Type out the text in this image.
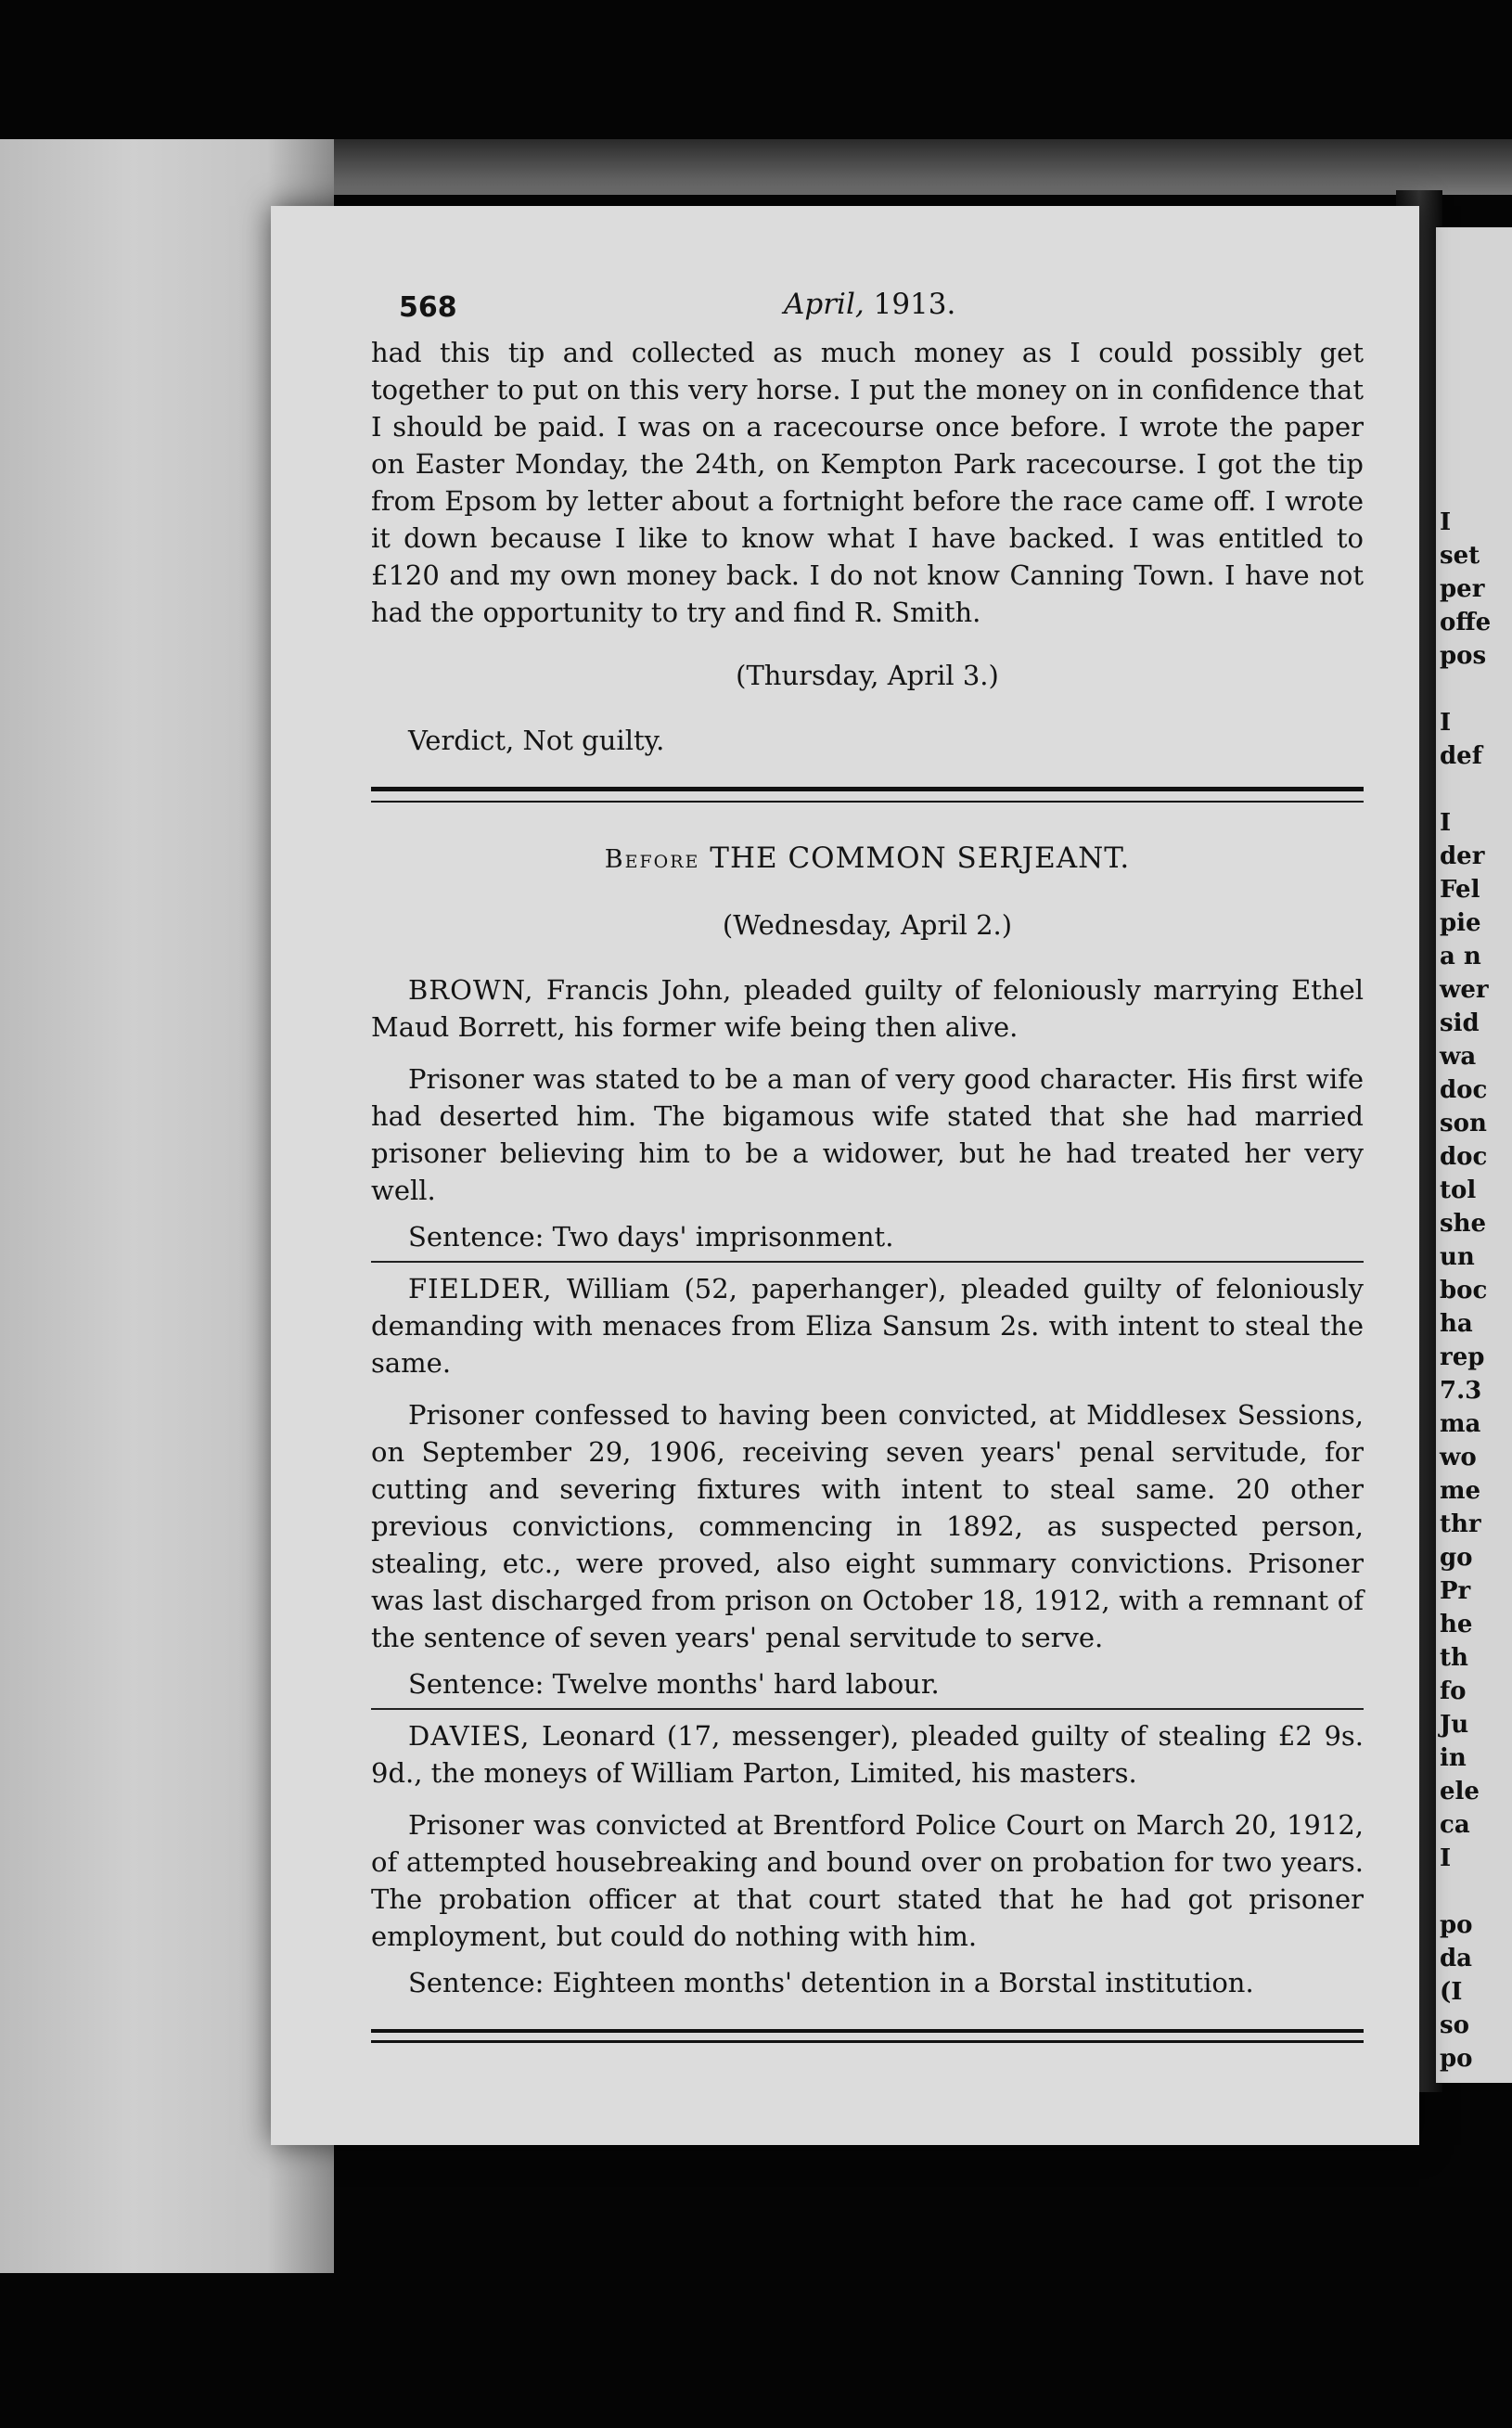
I
set
per
offe
pos

I
def

I
der
Fel
pie
a n
wer
sid
wa
doc
son
doc
tol
she
un
boc
ha
rep
7.3
ma
wo
me
thr
go
Pr
he
th
fo
Ju
in
ele
ca
I

po
da
(I
so
po
568	April, 1913.

had this tip and collected as much money as I could possibly get together to put on this very horse. I put the money on in confidence that I should be paid. I was on a racecourse once before. I wrote the paper on Easter Monday, the 24th, on Kempton Park racecourse. I got the tip from Epsom by letter about a fortnight before the race came off. I wrote it down because I like to know what I have backed. I was entitled to £120 and my own money back. I do not know Canning Town. I have not had the opportunity to try and find R. Smith.

(Thursday, April 3.)

Verdict, Not guilty.

Before THE COMMON SERJEANT.

(Wednesday, April 2.)

BROWN, Francis John, pleaded guilty of feloniously marrying Ethel Maud Borrett, his former wife being then alive.

Prisoner was stated to be a man of very good character. His first wife had deserted him. The bigamous wife stated that she had married prisoner believing him to be a widower, but he had treated her very well.

Sentence: Two days' imprisonment.

FIELDER, William (52, paperhanger), pleaded guilty of feloniously demanding with menaces from Eliza Sansum 2s. with intent to steal the same.

Prisoner confessed to having been convicted, at Middlesex Sessions, on September 29, 1906, receiving seven years' penal servitude, for cutting and severing fixtures with intent to steal same. 20 other previous convictions, commencing in 1892, as suspected person, stealing, etc., were proved, also eight summary convictions. Prisoner was last discharged from prison on October 18, 1912, with a remnant of the sentence of seven years' penal servitude to serve.

Sentence: Twelve months' hard labour.

DAVIES, Leonard (17, messenger), pleaded guilty of stealing £2 9s. 9d., the moneys of William Parton, Limited, his masters.

Prisoner was convicted at Brentford Police Court on March 20, 1912, of attempted housebreaking and bound over on probation for two years. The probation officer at that court stated that he had got prisoner employment, but could do nothing with him.

Sentence: Eighteen months' detention in a Borstal institution.
